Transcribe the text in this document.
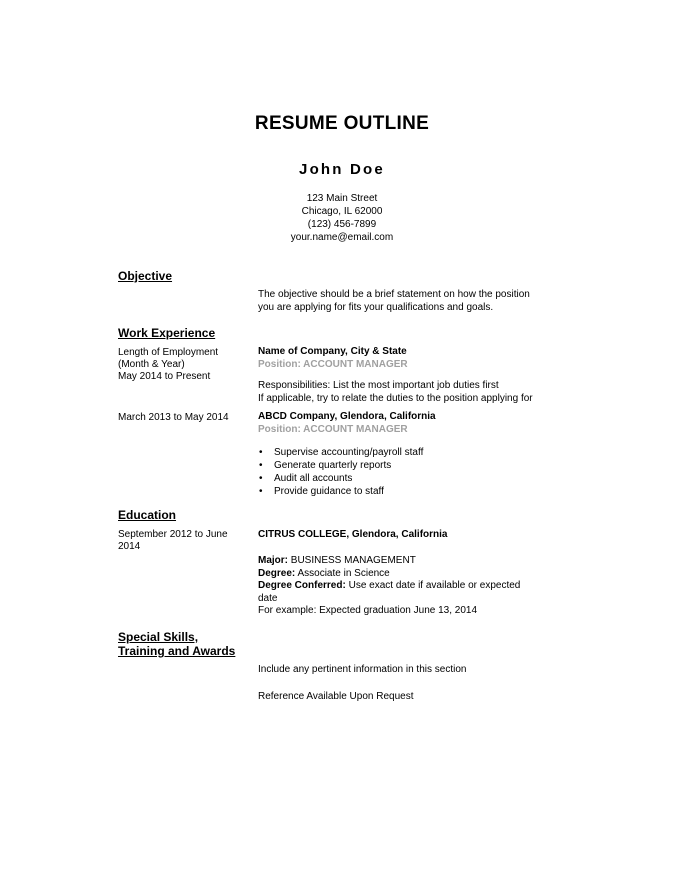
RESUME OUTLINE
John Doe
123 Main Street
Chicago, IL 62000
(123) 456-7899
your.name@email.com
Objective
The objective should be a brief statement on how the position
you are applying for fits your qualifications and goals.
Work Experience
Length of Employment
(Month & Year)
May 2014 to Present
Name of Company, City & State
Position: ACCOUNT MANAGER
Responsibilities: List the most important job duties first
If applicable, try to relate the duties to the position applying for
March 2013 to May 2014	ABCD Company, Glendora, California
Position: ACCOUNT MANAGER
• Supervise accounting/payroll staff
• Generate quarterly reports
• Audit all accounts
• Provide guidance to staff
Education
September 2012 to June
2014
CITRUS COLLEGE, Glendora, California
Major: BUSINESS MANAGEMENT
Degree: Associate in Science
Degree Conferred: Use exact date if available or expected
date
For example: Expected graduation June 13, 2014
Special Skills,
Training and Awards
Include any pertinent information in this section
Reference Available Upon Request
